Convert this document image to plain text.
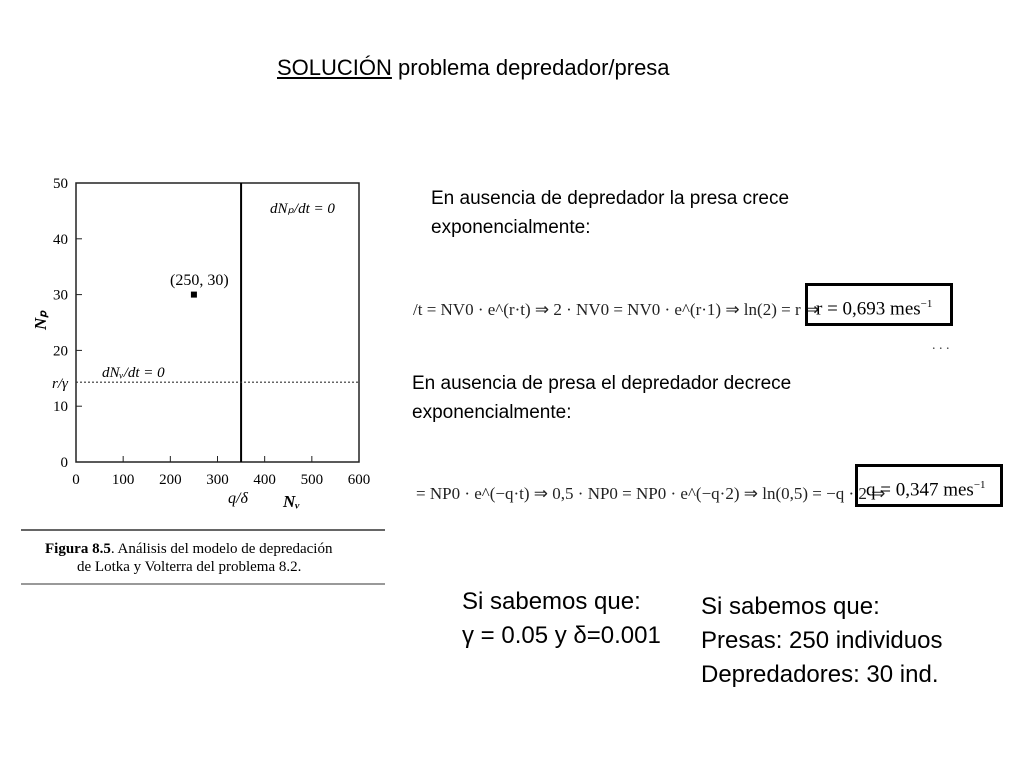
SOLUCIÓN problema depredador/presa
0
10
20
30
40
50
0 100 200 300 400 500 600
(250, 30)
dNₚ/dt = 0
dNᵥ/dt = 0
r/γ
q/δ Nᵥ
Nₚ
Figura 8.5. Análisis del modelo de depredación
de Lotka y Volterra del problema 8.2.
En ausencia de depredador la presa crece exponencialmente:
/t = NV0 · e^(r·t) ⇒ 2 · NV0 = NV0 · e^(r·1) ⇒ ln(2) = r ⇒
r = 0,693 mes$^{-1}$
. . .
En ausencia de presa el depredador decrece exponencialmente:
= NP0 · e^(−q·t) ⇒ 0,5 · NP0 = NP0 · e^(−q·2) ⇒ ln(0,5) = −q · 2 ⇒
q = 0,347 mes$^{-1}$
Si sabemos que:
γ = 0.05 y δ=0.001
Si sabemos que:
Presas: 250 individuos
Depredadores: 30 ind.
